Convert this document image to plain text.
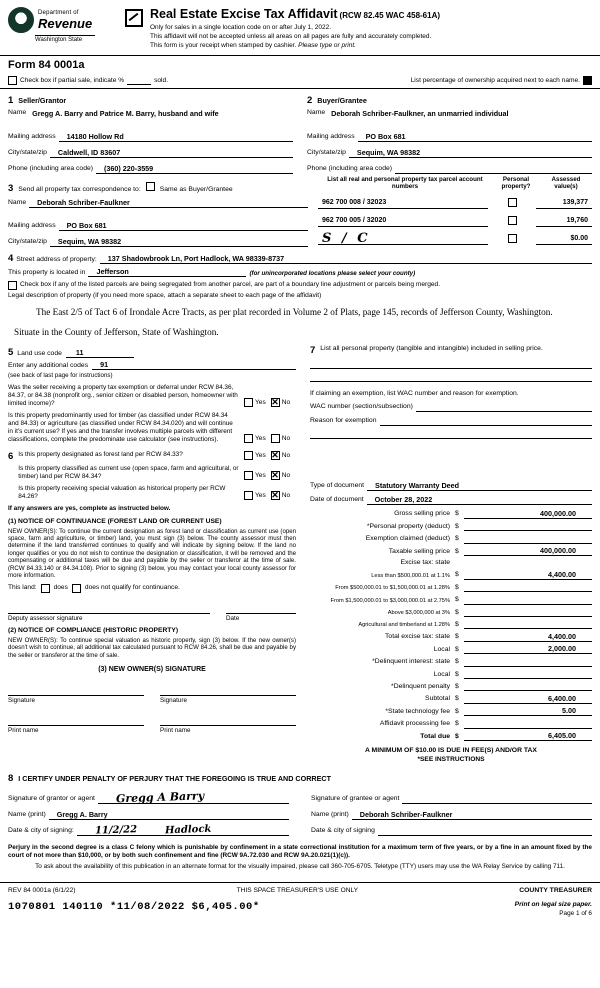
Department of
Revenue
Washington State
Real Estate Excise Tax Affidavit (RCW 82.45 WAC 458-61A)
Only for sales in a single location code on or after July 1, 2022.
This affidavit will not be accepted unless all areas on all pages are fully and accurately completed.
This form is your receipt when stamped by cashier. Please type or print.
Form 84 0001a
Check box if partial sale, indicate %	sold.	List percentage of ownership acquired next to each name.
1 Seller/Grantor
Name Gregg A. Barry and Patrice M. Barry, husband and wife
Mailing address	14180 Hollow Rd
City/state/zip	Caldwell, ID 83607
Phone (including area code)	(360) 220-3559
2 Buyer/Grantee
Name Deborah Schriber-Faulkner, an unmarried individual
Mailing address	PO Box 681
City/state/zip	Sequim, WA 98382
Phone (including area code)
3 Send all property tax correspondence to:	Same as Buyer/Grantee
Name	Deborah Schriber-Faulkner
Mailing address	PO Box 681
City/state/zip	Sequim, WA 98382
List all real and personal property tax parcel account numbers
Personal property?
Assessed value(s)
962 700 008 / 32023	139,377
962 700 005 / 32020	19,760
S / C	$0.00
4 Street address of property:	137 Shadowbrook Ln, Port Hadlock, WA 98339-8737
This property is located in	Jefferson	(for unincorporated locations please select your county)
Check box if any of the listed parcels are being segregated from another parcel, are part of a boundary line adjustment or parcels being merged.
Legal description of property (if you need more space, attach a separate sheet to each page of the affidavit)
The East 2/5 of Tact 6 of Irondale Acre Tracts, as per plat recorded in Volume 2 of Plats, page 145, records of Jefferson County, Washington.
Situate in the County of Jefferson, State of Washington.
5 Land use code	11
Enter any additional codes	91
(see back of last page for instructions)
Was the seller receiving a property tax exemption or deferral under RCW 84.36, 84.37, or 84.38 (nonprofit org., senior citizen or disabled person, homeowner with limited income)?	Yes ✕ No
Is this property predominantly used for timber (as classified under RCW 84.34 and 84.33) or agriculture (as classified under RCW 84.34.020) and will continue in it's current use? If yes and the transfer involves multiple parcels with different classifications, complete the predominate use calculator (see instructions).	Yes No
6 Is this property designated as forest land per RCW 84.33?	Yes ✕ No
Is this property classified as current use (open space, farm and agricultural, or timber) land per RCW 84.34?	Yes ✕ No
Is this property receiving special valuation as historical property per RCW 84.26?	Yes ✕ No
If any answers are yes, complete as instructed below.
(1) NOTICE OF CONTINUANCE (FOREST LAND OR CURRENT USE)
NEW OWNER(S): To continue the current designation as forest land or classification as current use (open space, farm and agriculture, or timber) land, you must sign (3) below. The county assessor must then determine if the land transferred continues to qualify and will indicate by signing below. If the land no longer qualifies or you do not wish to continue the designation or classification, it will be removed and the compensating or additional taxes will be due and payable by the seller or transferor at the time of sale. (RCW 84.33.140 or 84.34.108). Prior to signing (3) below, you may contact your local county assessor for more information.
This land:	does	does not qualify for continuance.
Deputy assessor signature	Date
(2) NOTICE OF COMPLIANCE (HISTORIC PROPERTY)
NEW OWNER(S): To continue special valuation as historic property, sign (3) below. If the new owner(s) doesn't wish to continue, all additional tax calculated pursuant to RCW 84.26, shall be due and payable by the seller or transferor at the time of sale.
(3) NEW OWNER(S) SIGNATURE
Signature	Signature
Print name	Print name
7 List all personal property (tangible and intangible) included in selling price.
If claiming an exemption, list WAC number and reason for exemption.
WAC number (section/subsection)
Reason for exemption
Type of document	Statutory Warranty Deed
Date of document	October 28, 2022
Gross selling price $	400,000.00
*Personal property (deduct) $
Exemption claimed (deduct) $
Taxable selling price $	400,000.00
Excise tax: state
Less than $500,000.01 at 1.1% $	4,400.00
From $500,000.01 to $1,500,000.01 at 1.28% $
From $1,500,000.01 to $3,000,000.01 at 2.75% $
Above $3,000,000 at 3% $
Agricultural and timberland at 1.28% $
Total excise tax: state $	4,400.00
Local $	2,000.00
*Delinquent interest: state $
Local $
*Delinquent penalty $
Subtotal $	6,400.00
*State technology fee $	5.00
Affidavit processing fee $
Total due $	6,405.00
A MINIMUM OF $10.00 IS DUE IN FEE(S) AND/OR TAX
*SEE INSTRUCTIONS
8 I CERTIFY UNDER PENALTY OF PERJURY THAT THE FOREGOING IS TRUE AND CORRECT
Signature of grantor or agent	Gregg A Barry
Name (print)	Gregg A. Barry
Date & city of signing:	11/2/22	Hadlock
Signature of grantee or agent
Name (print)	Deborah Schriber-Faulkner
Date & city of signing
Perjury in the second degree is a class C felony which is punishable by confinement in a state correctional institution for a maximum term of five years, or by a fine in an amount fixed by the court of not more than $10,000, or by both such confinement and fine (RCW 9A.72.030 and RCW 9A.20.021(1)(c)).
To ask about the availability of this publication in an alternate format for the visually impaired, please call 360-705-6705. Teletype (TTY) users may use the WA Relay Service by calling 711.
REV 84 0001a (6/1/22)	THIS SPACE TREASURER'S USE ONLY	COUNTY TREASURER
1070801 140110 *11/08/2022 $6,405.00*	Print on legal size paper.
Page 1 of 6
